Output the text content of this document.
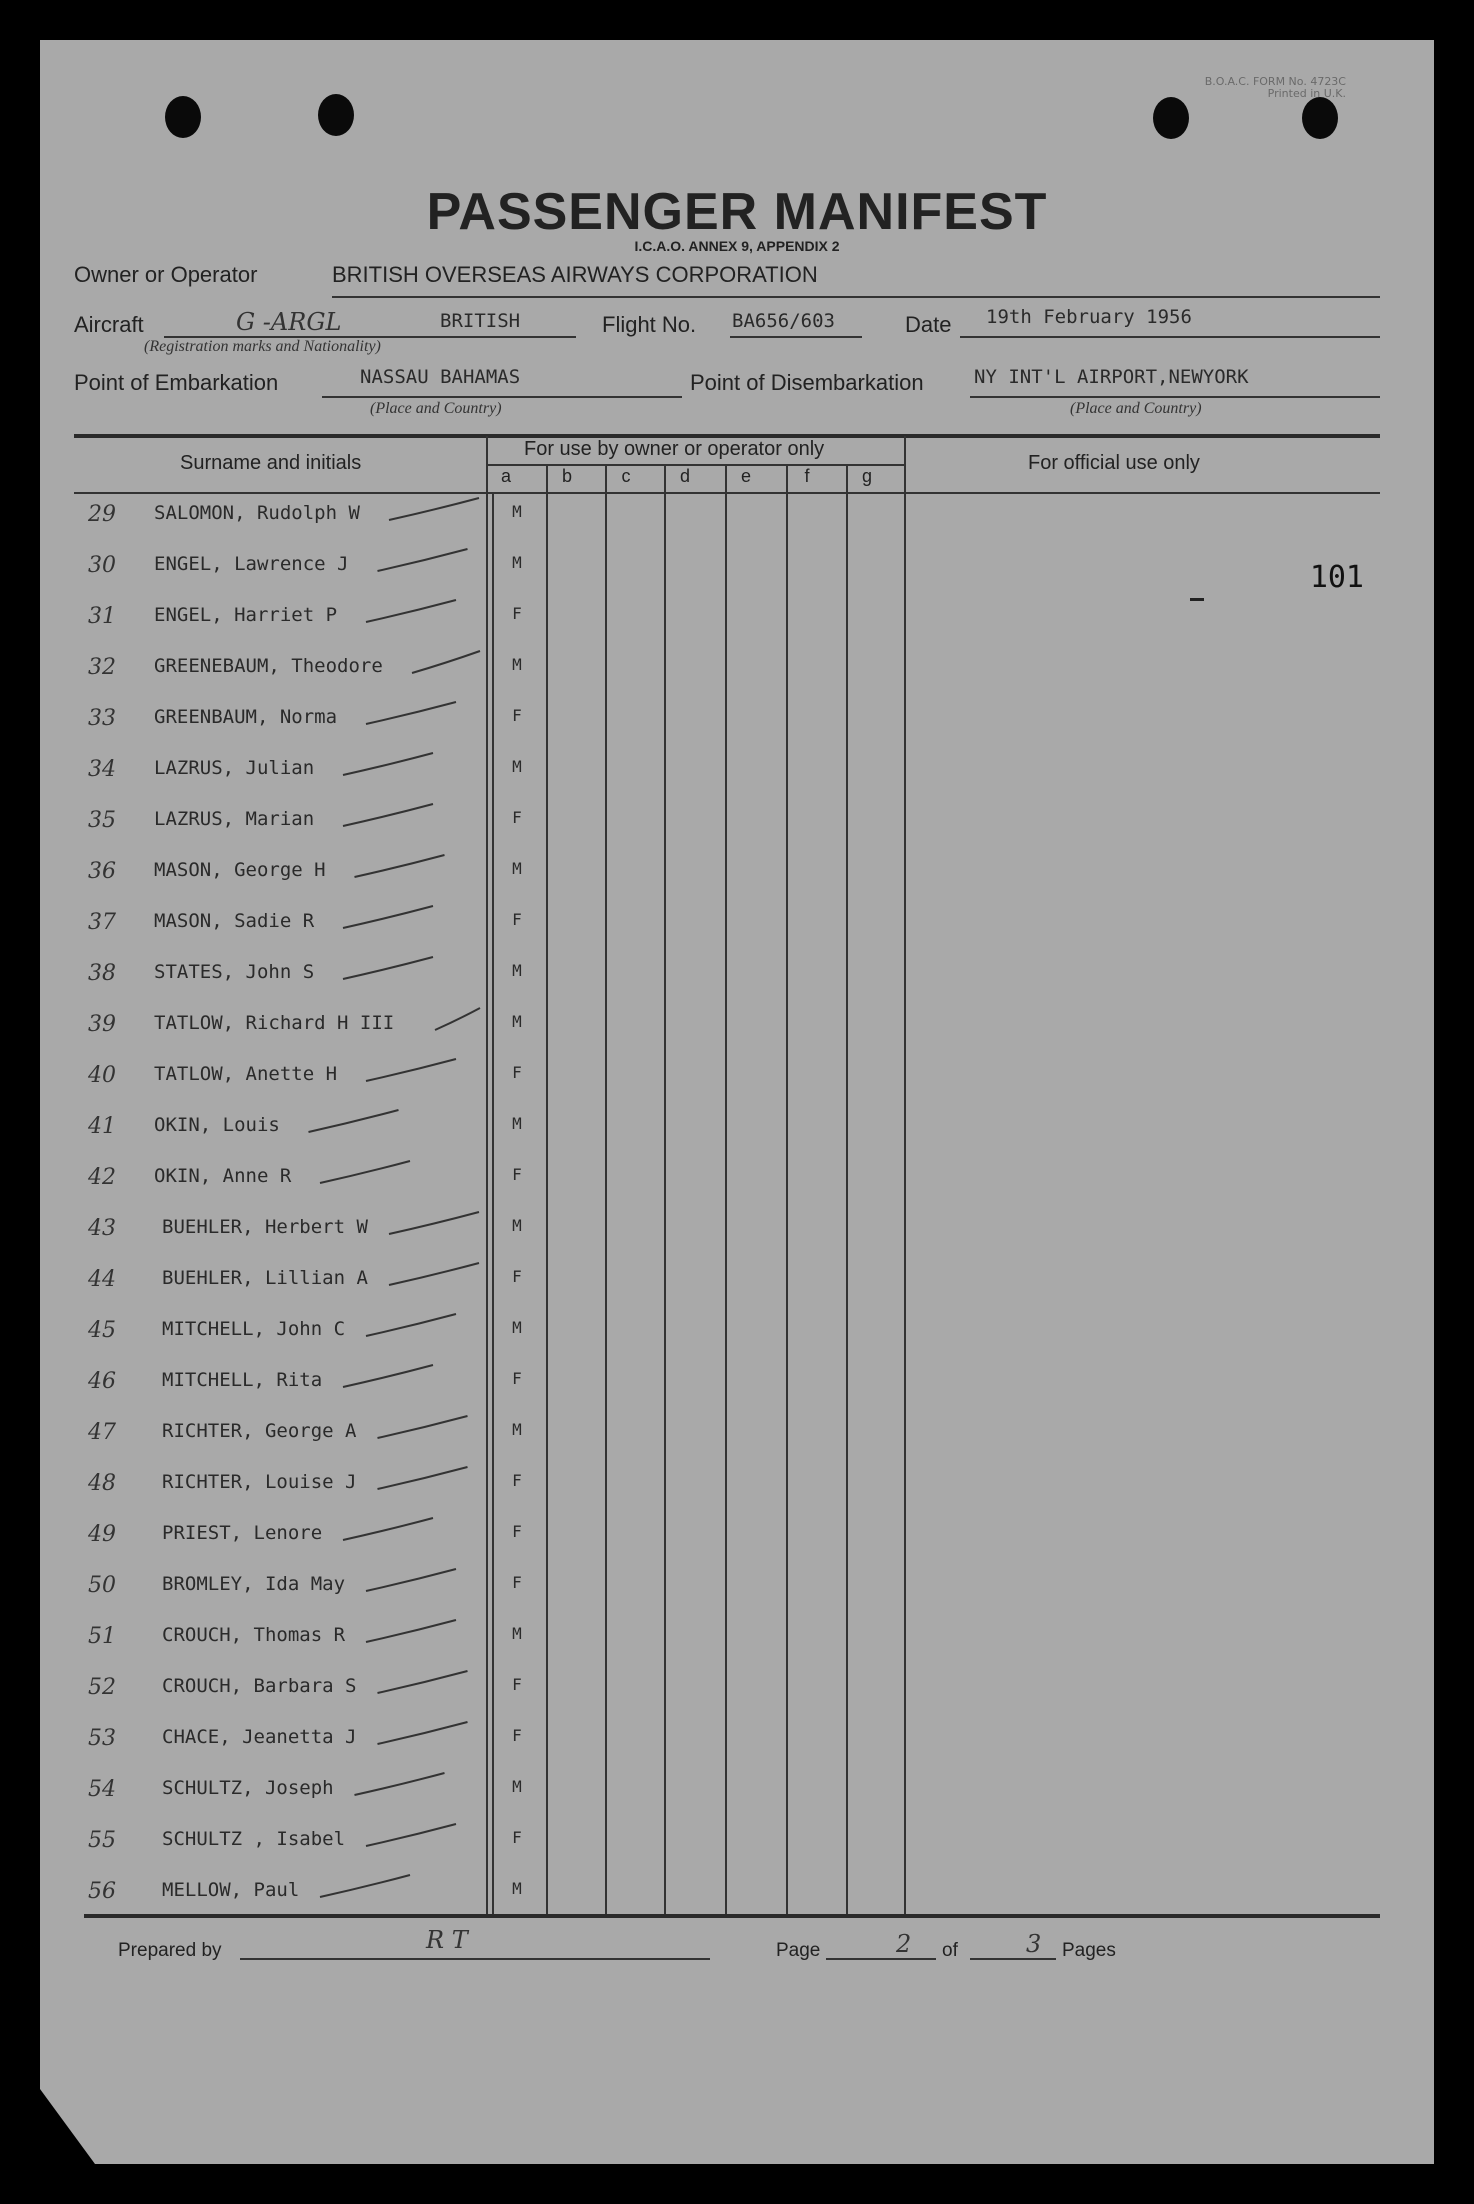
B.O.A.C. FORM No. 4723C
Printed in U.K.
PASSENGER MANIFEST
I.C.A.O. ANNEX 9, APPENDIX 2
Owner or Operator	BRITISH OVERSEAS AIRWAYS CORPORATION
Aircraft	G -ARGL	BRITISH
(Registration marks and Nationality)
Flight No. BA656/603	Date 19th February 1956
Point of Embarkation	NASSAU BAHAMAS
(Place and Country)
Point of Disembarkation	NY INT'L AIRPORT,NEWYORK
(Place and Country)
Surname and initials
For use by owner or operator only
For official use only
a	b	c	d	e	f	g
101
29 SALOMON, Rudolph W	M
30 ENGEL, Lawrence J	M
31 ENGEL, Harriet P	F
32 GREENEBAUM, Theodore	M
33 GREENBAUM, Norma	F
34 LAZRUS, Julian	M
35 LAZRUS, Marian	F
36 MASON, George H	M
37 MASON, Sadie R	F
38 STATES, John S	M
39 TATLOW, Richard H III	M
40 TATLOW, Anette H	F
41 OKIN, Louis	M
42 OKIN, Anne R	F
43 BUEHLER, Herbert W	M
44 BUEHLER, Lillian A	F
45 MITCHELL, John C	M
46 MITCHELL, Rita	F
47 RICHTER, George A	M
48 RICHTER, Louise J	F
49 PRIEST, Lenore	F
50 BROMLEY, Ida May	F
51 CROUCH, Thomas R	M
52 CROUCH, Barbara S	F
53 CHACE, Jeanetta J	F
54 SCHULTZ, Joseph	M
55 SCHULTZ , Isabel	F
56 MELLOW, Paul	M
Prepared by	R T	Page	2 of	3 Pages
